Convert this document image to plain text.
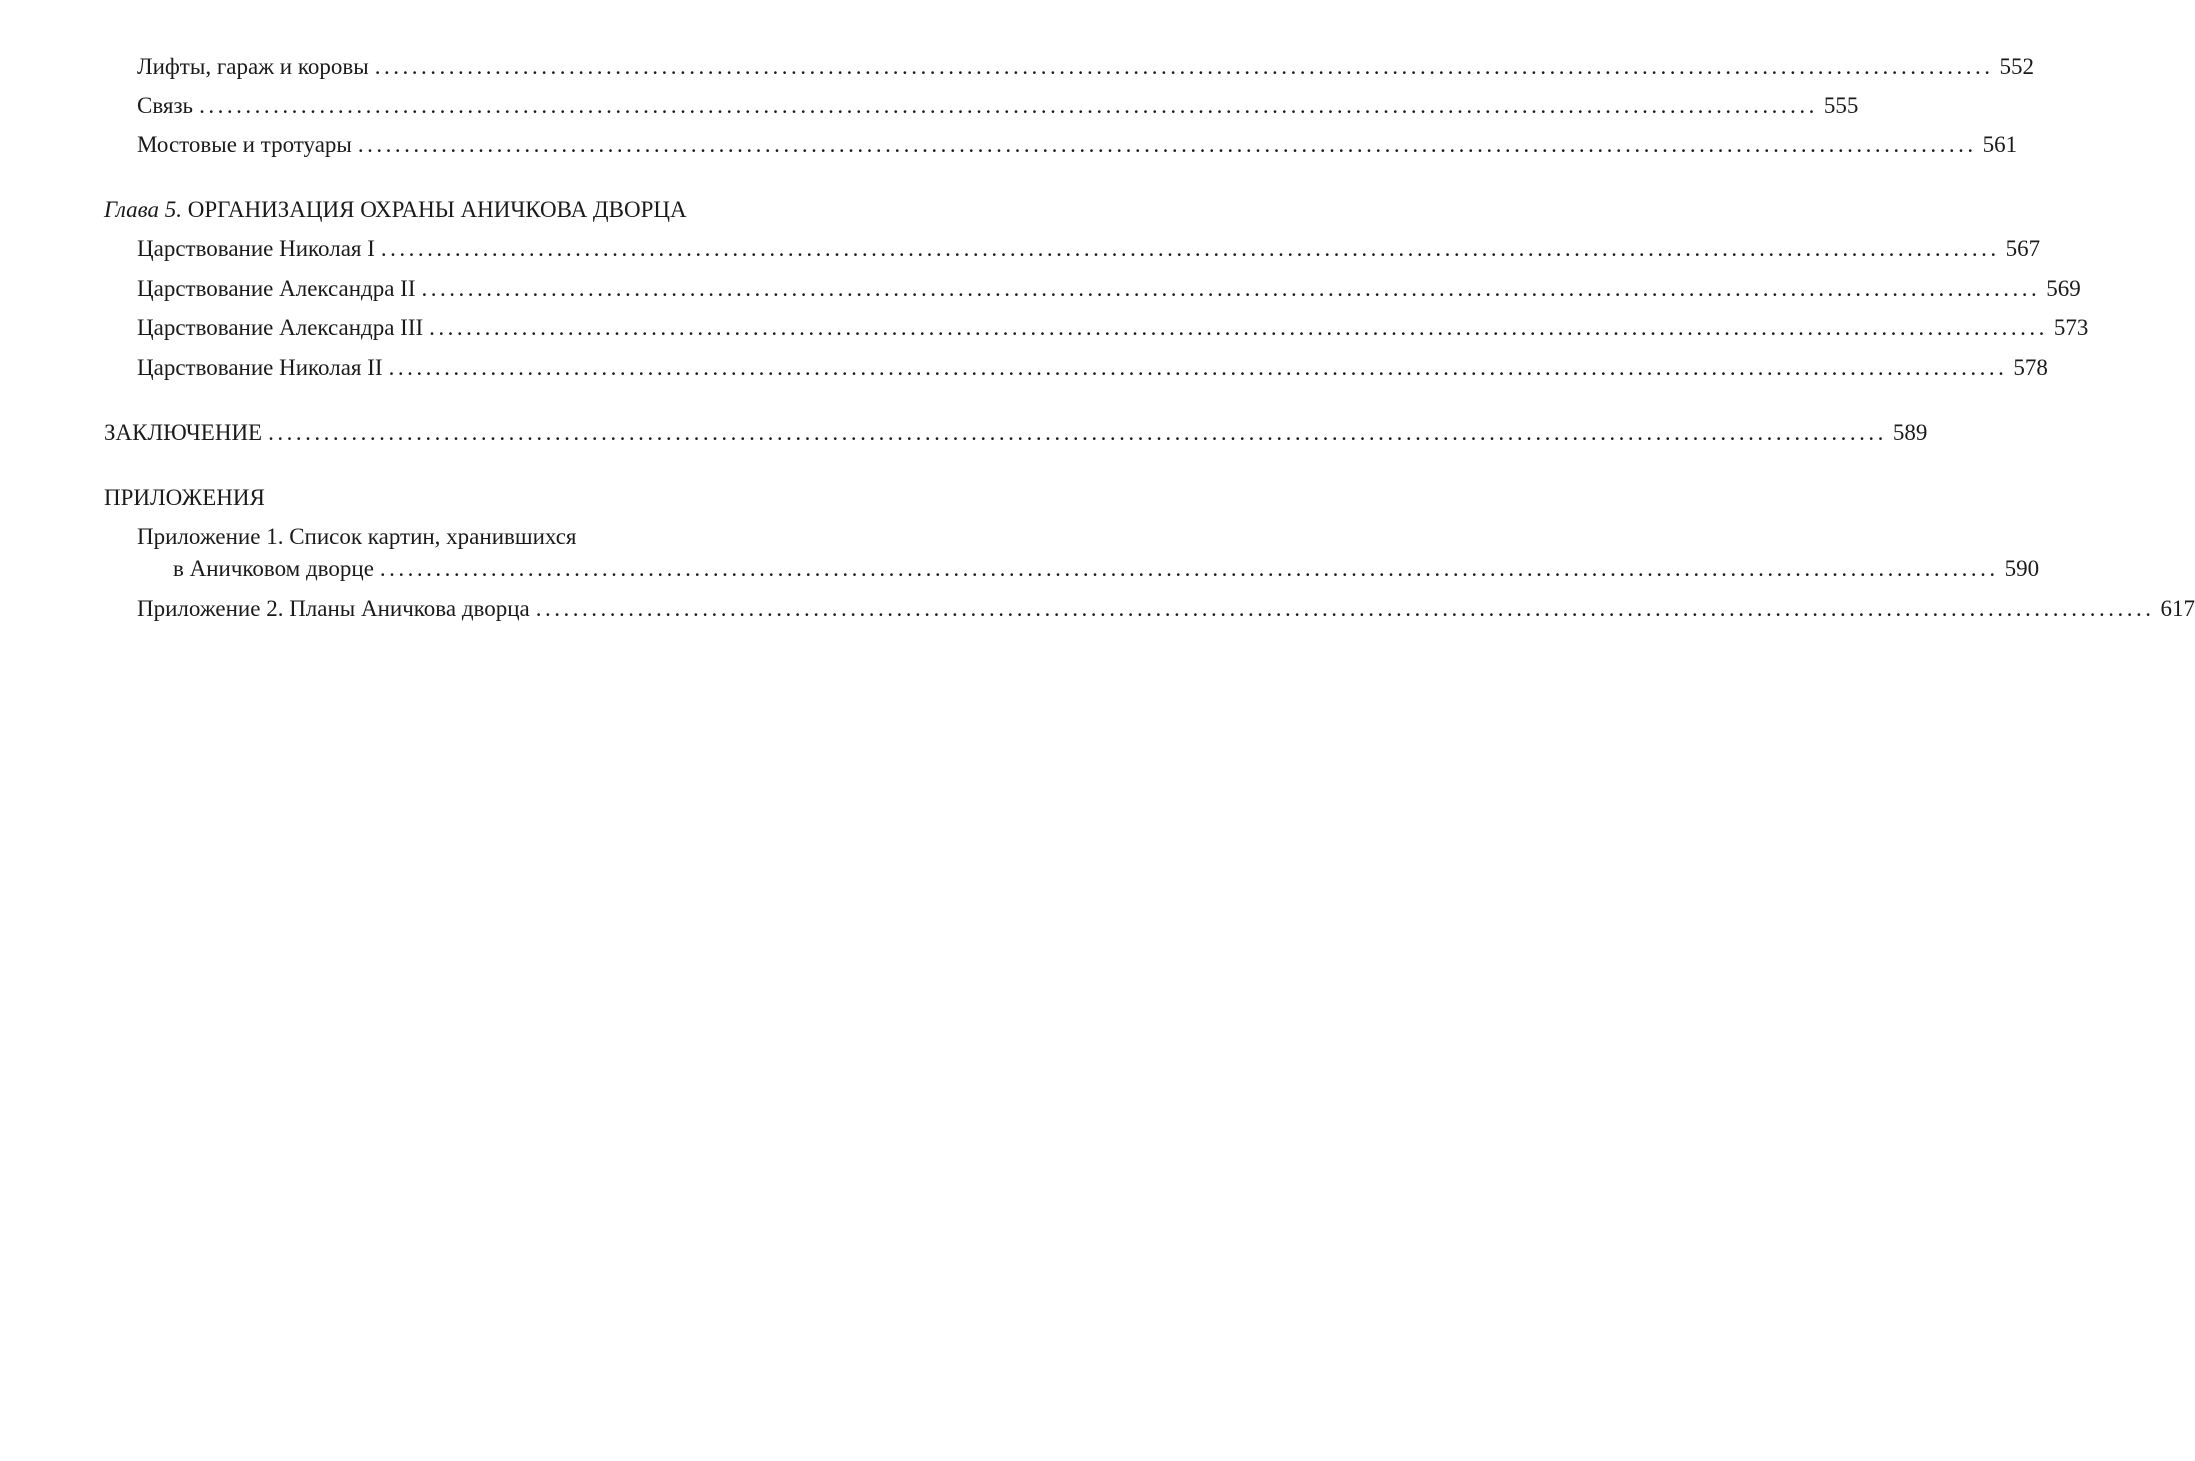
Лифты, гараж и коровы ............................................................................................................................................................................... 552
Связь ............................................................................................................................................................................... 555
Мостовые и тротуары ............................................................................................................................................................................... 561
Глава 5. ОРГАНИЗАЦИЯ ОХРАНЫ АНИЧКОВА ДВОРЦА
Царствование Николая I ............................................................................................................................................................................... 567
Царствование Александра II ............................................................................................................................................................................... 569
Царствование Александра III ............................................................................................................................................................................... 573
Царствование Николая II ............................................................................................................................................................................... 578
ЗАКЛЮЧЕНИЕ ............................................................................................................................................................................... 589
ПРИЛОЖЕНИЯ
Приложение 1. Список картин, хранившихся
в Аничковом дворце ............................................................................................................................................................................... 590
Приложение 2. Планы Аничкова дворца ............................................................................................................................................................................... 617
